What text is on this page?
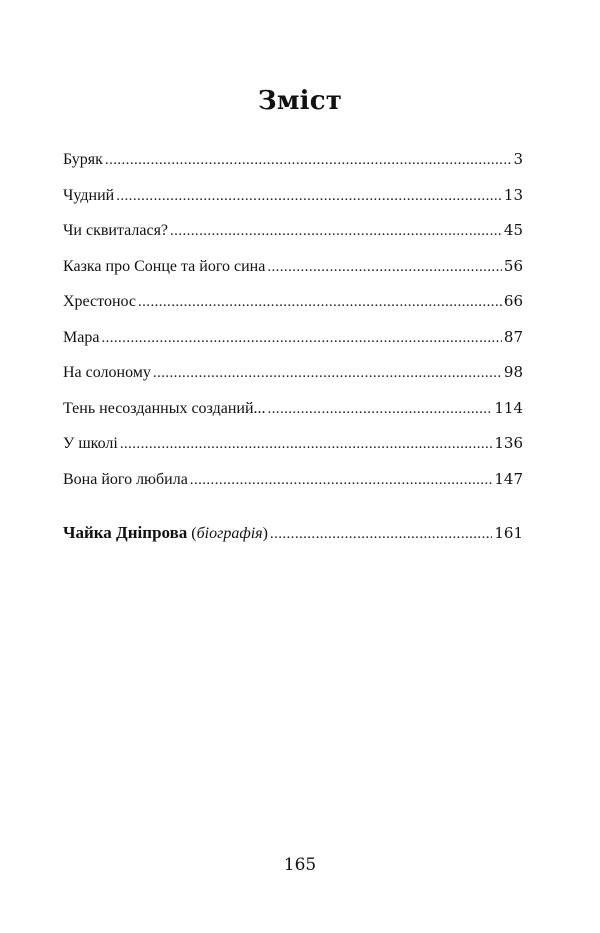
Зміст
Буряк .....	3
Чудний .....	13
Чи сквиталася? .....	45
Казка про Сонце та його сина .....	56
Хрестонос .....	66
Мара .....	87
На солоному .....	98
Тень несозданных созданий... .....	114
У школі .....	136
Вона його любила .....	147
Чайка Дніпрова (біографія) .....	161
165
